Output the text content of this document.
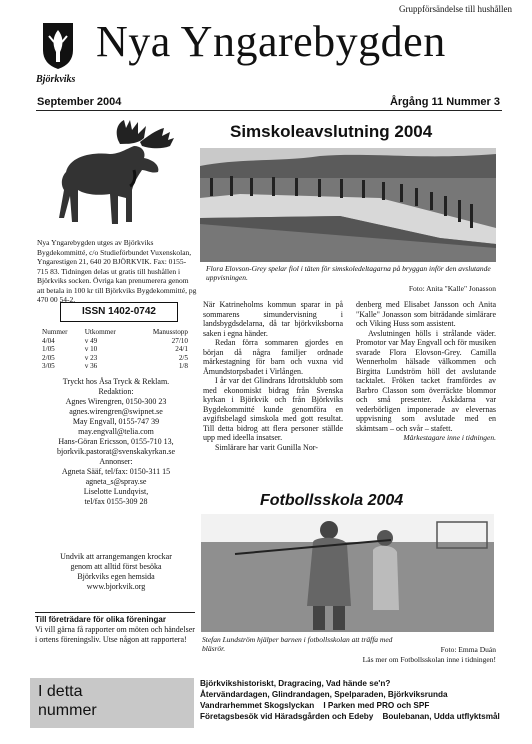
Gruppförsändelse till hushållen
Björkviks
Nya Yngarebygden
September 2004	Årgång 11 Nummer 3
Nya Yngarebygden utges av Björkviks Bygdekommitté, c/o Studieförbundet Vuxenskolan, Yngarestigen 21, 640 20 BJÖRKVIK. Fax: 0155-715 83. Tidningen delas ut gratis till hushållen i Björkviks socken. Övriga kan prenumerera genom att betala in 100 kr till Björkviks Bygdekommitté, pg 470 00 54-2.
ISSN 1402-0742
Nummer	Utkommer	Manusstopp
4/04	v 49	27/10
1/05	v 10	24/1
2/05	v 23	2/5
3/05	v 36	1/8
Tryckt hos Åsa Tryck & Reklam.
Redaktion:
Agnes Wirengren, 0150-300 23
agnes.wirengren@swipnet.se
May Engvall, 0155-747 39
may.engvall@telia.com
Hans-Göran Ericsson, 0155-710 13,
bjorkvik.pastorat@svenskakyrkan.se
Annonser:
Agneta Sääf, tel/fax: 0150-311 15
agneta_s@spray.se
Liselotte Lundqvist,
tel/fax 0155-309 28
Undvik att arrangemangen krockar
genom att alltid först besöka
Björkviks egen hemsida
www.bjorkvik.org
Till företrädare för olika föreningar
Vi vill gärna få rapporter om möten och händelser i ortens föreningsliv. Utse någon att rapportera!
I detta
nummer
Björkvikshistoriskt, Dragracing, Vad hände se'n?
Återvändardagen, Glindrandagen, Spelparaden, Björkviksrunda
Vandrarhemmet Skogslyckan    I Parken med PRO och SPF
Företagsbesök vid Häradsgården och Edeby    Boulebanan, Udda utflyktsmål
Simskoleavslutning 2004
Flora Elovson-Grey spelar fiol i täten för simskoledeltagarna på bryggan inför den avslutande uppvisningen.
Foto: Anita "Kalle" Jonasson
När Katrineholms kommun sparar in på sommarens simundervisning i landsbygdsdelarna, då tar björkviksborna saken i egna händer.
Redan förra sommaren gjordes en början då några familjer ordnade märkestagning för barn och vuxna vid Åmundstorpsbadet i Virlången.
I år var det Glindrans Idrottsklubb som med ekonomiskt bidrag från Svenska kyrkan i Björkvik och från Björkviks Bygdekommitté kunde genomföra en avgiftsbelagd simskola med gott resultat. Till detta bidrog att flera personer ställde upp med ideella insatser.
Simlärare har varit Gunilla Nor-
denberg med Elisabet Jansson och Anita "Kalle" Jonasson som biträdande simlärare och Viking Huss som assistent.
Avslutningen hölls i strålande väder. Promotor var May Engvall och för musiken svarade Flora Elovson-Grey. Camilla Wennerholm hälsade välkommen och Birgitta Lundström höll det avslutande tacktalet. Fröken tacket framfördes av Barbro Classon som överräckte blommor och små presenter. Åskådarna var vederbörligen imponerade av elevernas uppvisning som avslutade med en skämtsam – och svår – stafett.
Märkestagare inne i tidningen.
Fotbollsskola 2004
Stefan Lundström hjälper barnen i fotbollsskolan att träffa med bläsrör.	Foto: Emma Duán
Läs mer om Fotbollsskolan inne i tidningen!
